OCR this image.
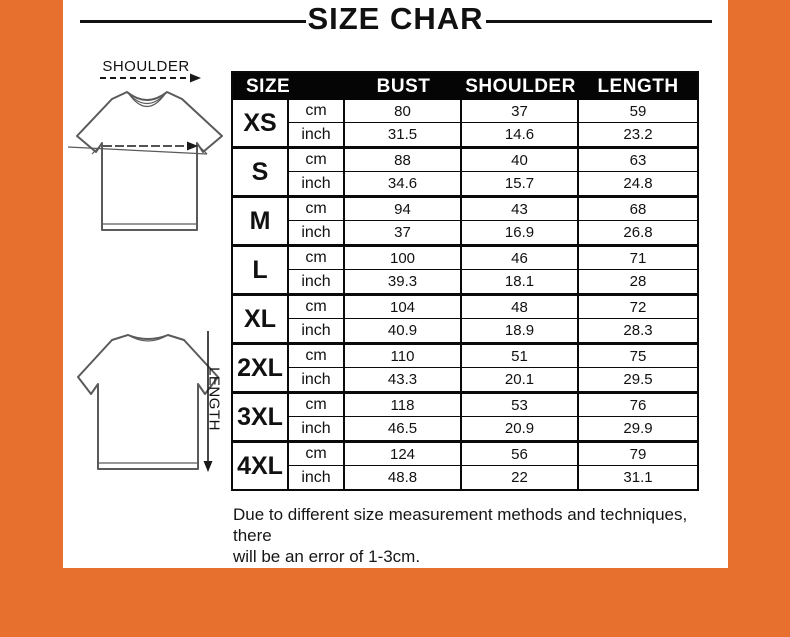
SIZE CHAR
SHOULDER
LENGTH
SIZE	BUST	SHOULDER	LENGTH
XS	cm	80	37	59
inch	31.5	14.6	23.2
S	cm	88	40	63
inch	34.6	15.7	24.8
M	cm	94	43	68
inch	37	16.9	26.8
L	cm	100	46	71
inch	39.3	18.1	28
XL	cm	104	48	72
inch	40.9	18.9	28.3
2XL	cm	110	51	75
inch	43.3	20.1	29.5
3XL	cm	118	53	76
inch	46.5	20.9	29.9
4XL	cm	124	56	79
inch	48.8	22	31.1
Due to different size measurement methods and techniques, there
will be an error of 1-3cm.
